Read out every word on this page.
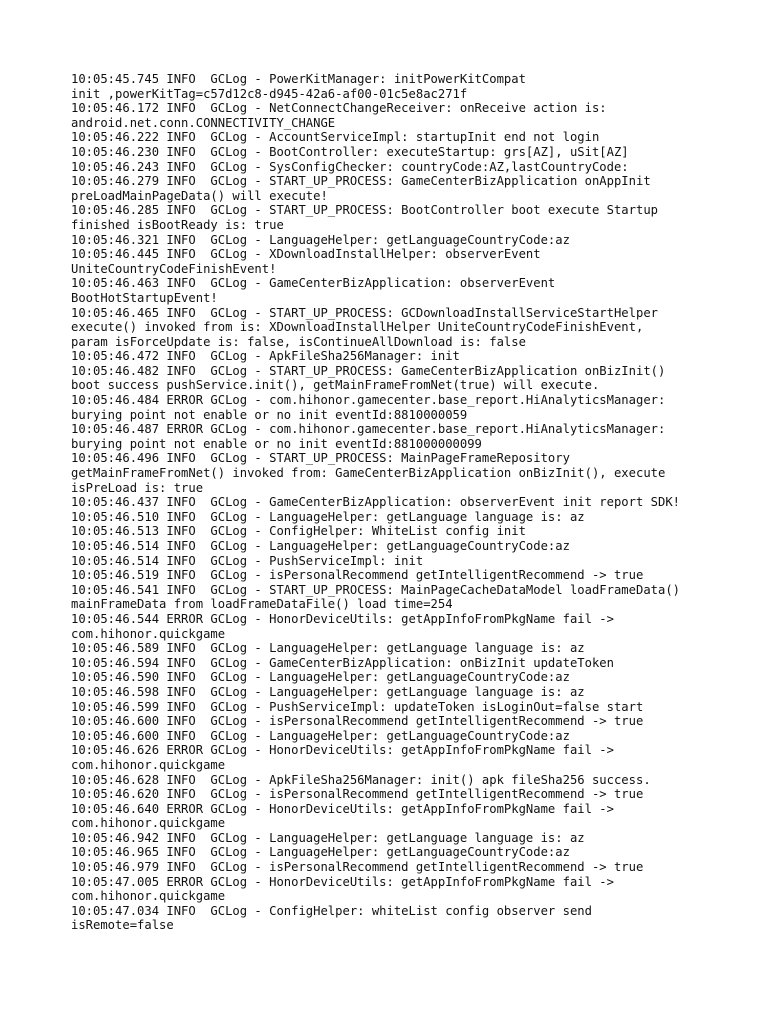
10:05:45.745 INFO  GCLog - PowerKitManager: initPowerKitCompat
init ,powerKitTag=c57d12c8-d945-42a6-af00-01c5e8ac271f
10:05:46.172 INFO  GCLog - NetConnectChangeReceiver: onReceive action is:
android.net.conn.CONNECTIVITY_CHANGE
10:05:46.222 INFO  GCLog - AccountServiceImpl: startupInit end not login
10:05:46.230 INFO  GCLog - BootController: executeStartup: grs[AZ], uSit[AZ]
10:05:46.243 INFO  GCLog - SysConfigChecker: countryCode:AZ,lastCountryCode:
10:05:46.279 INFO  GCLog - START_UP_PROCESS: GameCenterBizApplication onAppInit
preLoadMainPageData() will execute!
10:05:46.285 INFO  GCLog - START_UP_PROCESS: BootController boot execute Startup
finished isBootReady is: true
10:05:46.321 INFO  GCLog - LanguageHelper: getLanguageCountryCode:az
10:05:46.445 INFO  GCLog - XDownloadInstallHelper: observerEvent
UniteCountryCodeFinishEvent!
10:05:46.463 INFO  GCLog - GameCenterBizApplication: observerEvent
BootHotStartupEvent!
10:05:46.465 INFO  GCLog - START_UP_PROCESS: GCDownloadInstallServiceStartHelper
execute() invoked from is: XDownloadInstallHelper UniteCountryCodeFinishEvent,
param isForceUpdate is: false, isContinueAllDownload is: false
10:05:46.472 INFO  GCLog - ApkFileSha256Manager: init
10:05:46.482 INFO  GCLog - START_UP_PROCESS: GameCenterBizApplication onBizInit()
boot success pushService.init(), getMainFrameFromNet(true) will execute.
10:05:46.484 ERROR GCLog - com.hihonor.gamecenter.base_report.HiAnalyticsManager:
burying point not enable or no init eventId:8810000059
10:05:46.487 ERROR GCLog - com.hihonor.gamecenter.base_report.HiAnalyticsManager:
burying point not enable or no init eventId:881000000099
10:05:46.496 INFO  GCLog - START_UP_PROCESS: MainPageFrameRepository
getMainFrameFromNet() invoked from: GameCenterBizApplication onBizInit(), execute
isPreLoad is: true
10:05:46.437 INFO  GCLog - GameCenterBizApplication: observerEvent init report SDK!
10:05:46.510 INFO  GCLog - LanguageHelper: getLanguage language is: az
10:05:46.513 INFO  GCLog - ConfigHelper: WhiteList config init
10:05:46.514 INFO  GCLog - LanguageHelper: getLanguageCountryCode:az
10:05:46.514 INFO  GCLog - PushServiceImpl: init
10:05:46.519 INFO  GCLog - isPersonalRecommend getIntelligentRecommend -> true
10:05:46.541 INFO  GCLog - START_UP_PROCESS: MainPageCacheDataModel loadFrameData()
mainFrameData from loadFrameDataFile() load time=254
10:05:46.544 ERROR GCLog - HonorDeviceUtils: getAppInfoFromPkgName fail ->
com.hihonor.quickgame
10:05:46.589 INFO  GCLog - LanguageHelper: getLanguage language is: az
10:05:46.594 INFO  GCLog - GameCenterBizApplication: onBizInit updateToken
10:05:46.590 INFO  GCLog - LanguageHelper: getLanguageCountryCode:az
10:05:46.598 INFO  GCLog - LanguageHelper: getLanguage language is: az
10:05:46.599 INFO  GCLog - PushServiceImpl: updateToken isLoginOut=false start
10:05:46.600 INFO  GCLog - isPersonalRecommend getIntelligentRecommend -> true
10:05:46.600 INFO  GCLog - LanguageHelper: getLanguageCountryCode:az
10:05:46.626 ERROR GCLog - HonorDeviceUtils: getAppInfoFromPkgName fail ->
com.hihonor.quickgame
10:05:46.628 INFO  GCLog - ApkFileSha256Manager: init() apk fileSha256 success.
10:05:46.620 INFO  GCLog - isPersonalRecommend getIntelligentRecommend -> true
10:05:46.640 ERROR GCLog - HonorDeviceUtils: getAppInfoFromPkgName fail ->
com.hihonor.quickgame
10:05:46.942 INFO  GCLog - LanguageHelper: getLanguage language is: az
10:05:46.965 INFO  GCLog - LanguageHelper: getLanguageCountryCode:az
10:05:46.979 INFO  GCLog - isPersonalRecommend getIntelligentRecommend -> true
10:05:47.005 ERROR GCLog - HonorDeviceUtils: getAppInfoFromPkgName fail ->
com.hihonor.quickgame
10:05:47.034 INFO  GCLog - ConfigHelper: whiteList config observer send
isRemote=false
